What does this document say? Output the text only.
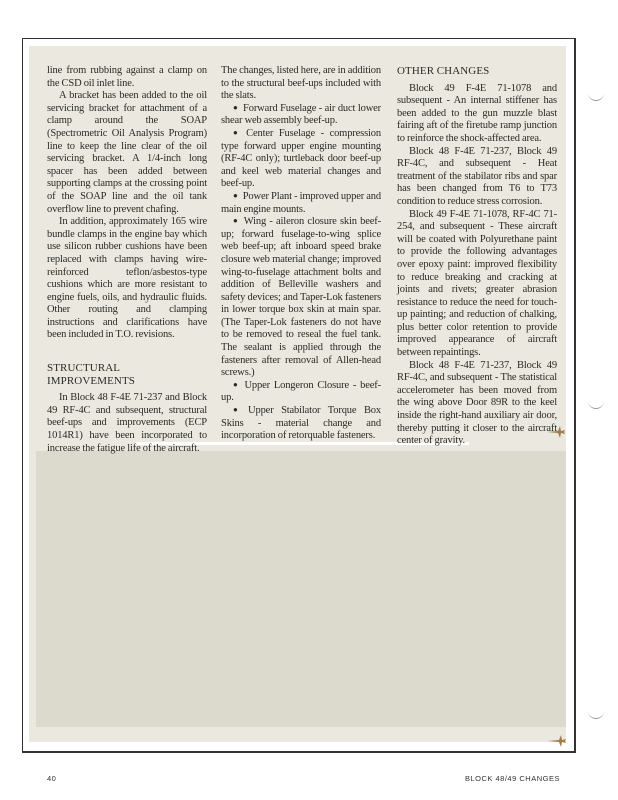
line from rubbing against a clamp on the CSD oil inlet line.

A bracket has been added to the oil servicing bracket for attachment of a clamp around the SOAP (Spectrometric Oil Analysis Program) line to keep the line clear of the oil servicing bracket. A 1/4-inch long spacer has been added between supporting clamps at the crossing point of the SOAP line and the oil tank overflow line to prevent chafing.

In addition, approximately 165 wire bundle clamps in the engine bay which use silicon rubber cushions have been replaced with clamps having wire-reinforced teflon/asbestos-type cushions which are more resistant to engine fuels, oils, and hydraulic fluids. Other routing and clamping instructions and clarifications have been included in T.O. revisions.

STRUCTURAL IMPROVEMENTS

In Block 48 F-4E 71-237 and Block 49 RF-4C and subsequent, structural beef-ups and improvements (ECP 1014R1) have been incorporated to increase the fatigue life of the aircraft.

The changes, listed here, are in addition to the structural beef-ups included with the slats.

● Forward Fuselage - air duct lower shear web assembly beef-up.

● Center Fuselage - compression type forward upper engine mounting (RF-4C only); turtleback door beef-up and keel web material changes and beef-up.

● Power Plant - improved upper and main engine mounts.

● Wing - aileron closure skin beef-up; forward fuselage-to-wing splice web beef-up; aft inboard speed brake closure web material change; improved wing-to-fuselage attachment bolts and addition of Belleville washers and safety devices; and Taper-Lok fasteners in lower torque box skin at main spar. (The Taper-Lok fasteners do not have to be removed to reseal the fuel tank. The sealant is applied through the fasteners after removal of Allen-head screws.)

● Upper Longeron Closure - beef-up.

● Upper Stabilator Torque Box Skins - material change and incorporation of retorquable fasteners.

OTHER CHANGES

Block 49 F-4E 71-1078 and subsequent - An internal stiffener has been added to the gun muzzle blast fairing aft of the firetube ramp junction to reinforce the shock-affected area.

Block 48 F-4E 71-237, Block 49 RF-4C, and subsequent - Heat treatment of the stabilator ribs and spar has been changed from T6 to T73 condition to reduce stress corrosion.

Block 49 F-4E 71-1078, RF-4C 71-254, and subsequent - These aircraft will be coated with Polyurethane paint to provide the following advantages over epoxy paint: improved flexibility to reduce breaking and cracking at joints and rivets; greater abrasion resistance to reduce the need for touch-up painting; and reduction of chalking, plus better color retention to provide improved appearance of aircraft between repaintings.

Block 48 F-4E 71-237, Block 49 RF-4C, and subsequent - The statistical accelerometer has been moved from the wing above Door 89R to the keel inside the right-hand auxiliary air door, thereby putting it closer to the aircraft center of gravity.

40	BLOCK 48/49 CHANGES
